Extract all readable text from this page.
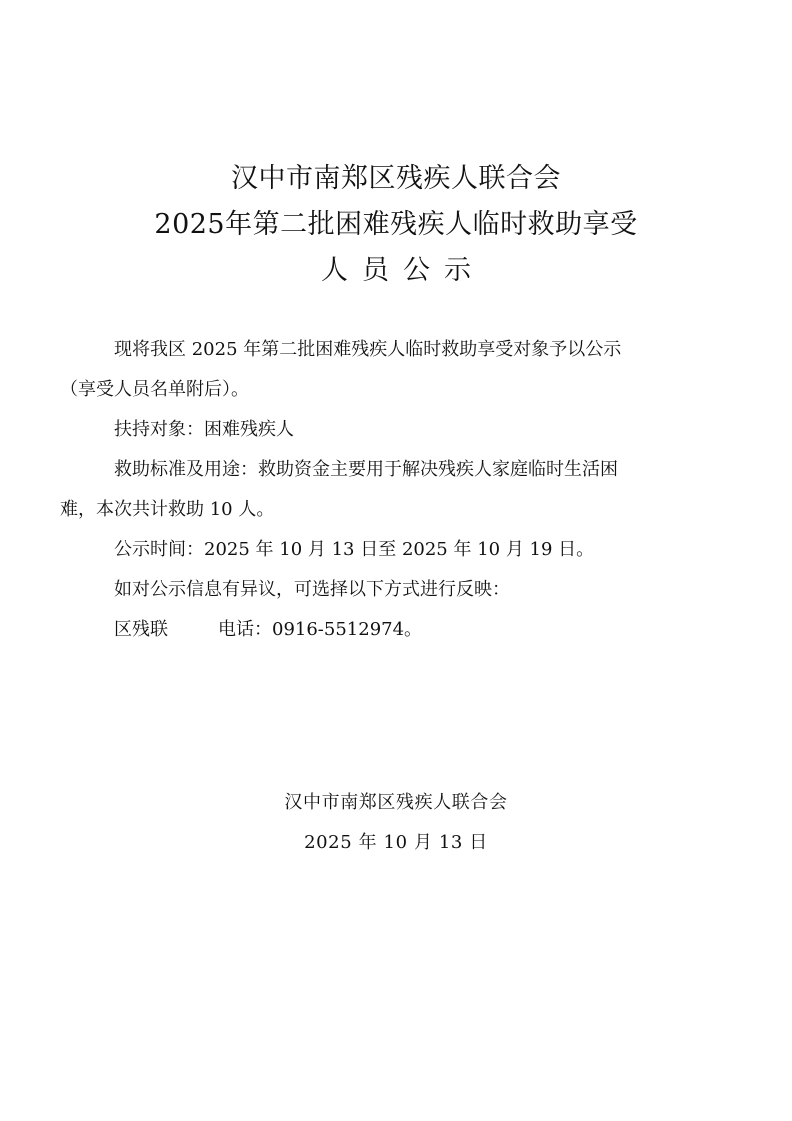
汉中市南郑区残疾人联合会
2025年第二批困难残疾人临时救助享受
人员公示
现将我区 2025 年第二批困难残疾人临时救助享受对象予以公示
（享受人员名单附后）。
扶持对象：困难残疾人
救助标准及用途：救助资金主要用于解决残疾人家庭临时生活困
难，本次共计救助 10 人。
公示时间：2025 年 10 月 13 日至 2025 年 10 月 19 日。
如对公示信息有异议，可选择以下方式进行反映：
区残联	电话：0916-5512974。
汉中市南郑区残疾人联合会
2025 年 10 月 13 日
